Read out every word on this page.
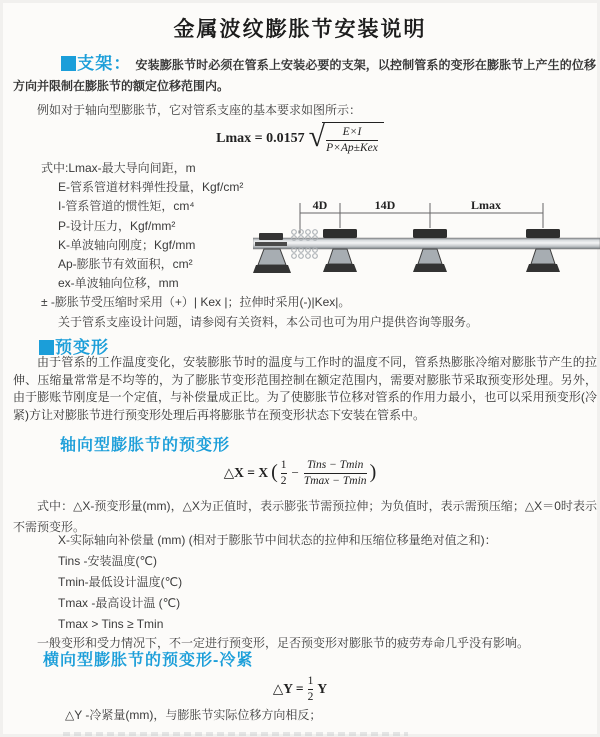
金属波纹膨胀节安装说明

支架： 安装膨胀节时必须在管系上安装必要的支架，以控制管系的变形在膨胀节上产生的位移方向并限制在膨胀节的额定位移范围内。

例如对于轴向型膨胀节，它对管系支座的基本要求如图所示：

Lmax = 0.0157 √ $\frac{E\times I}{\text{P×Ap±Kex}}$
式中:Lmax-最大导向间距，m
E-管系管道材料弹性投量，Kgf/cm²
I-管系管道的惯性矩，cm⁴
P-设计压力，Kgf/mm²
K-单波轴向刚度；Kgf/mm
Ap-膨胀节有效面积，cm²
ex-单波轴向位移，mm
± -膨胀节受压缩时采用（+）| Kex |；拉伸时采用(-)|Kex|。
关于管系支座设计问题，请参阅有关资料，本公司也可为用户提供咨询等服务。
4D	14D	Lmax
预变形

由于管系的工作温度变化，安装膨胀节时的温度与工作时的温度不同，管系热膨胀冷缩对膨胀节产生的拉伸、压缩量常常是不均等的，为了膨胀节变形范围控制在额定范围内，需要对膨胀节采取预变形处理。另外，由于膨账节刚度是一个定值，与补偿量成正比。为了使膨胀节位移对管系的作用力最小，也可以采用预变形(冷紧)方让对膨胀节进行预变形处理后再将膨胀节在预变形状态下安装在管系中。

轴向型膨胀节的预变形
△X = X ( $\frac{1}{2} - \frac{\text{Tins − Tmin}}{Tmax - Tmin}$ )

式中：△X-预变形量(mm)，△X为正值时，表示膨张节需预拉伸；为负值时，表示需预压缩；△X＝0时表示不需预变形。

X-实际轴向补偿量 (mm) (相对于膨胀节中间状态的拉伸和压缩位移量绝对值之和)：
Tins -安装温度(℃)
Tmin-最低设计温度(℃)
Tmax -最高设计温 (℃)
Tmax > Tins ≥ Tmin

一般变形和受力情况下，不一定进行预变形，足否预变形对膨胀节的疲劳寿命几乎没有影响。

横向型膨胀节的预变形-冷紧
△Y = $\frac{1}{2}$ Y

△Y -冷紧量(mm)，与膨胀节实际位移方向相反；
